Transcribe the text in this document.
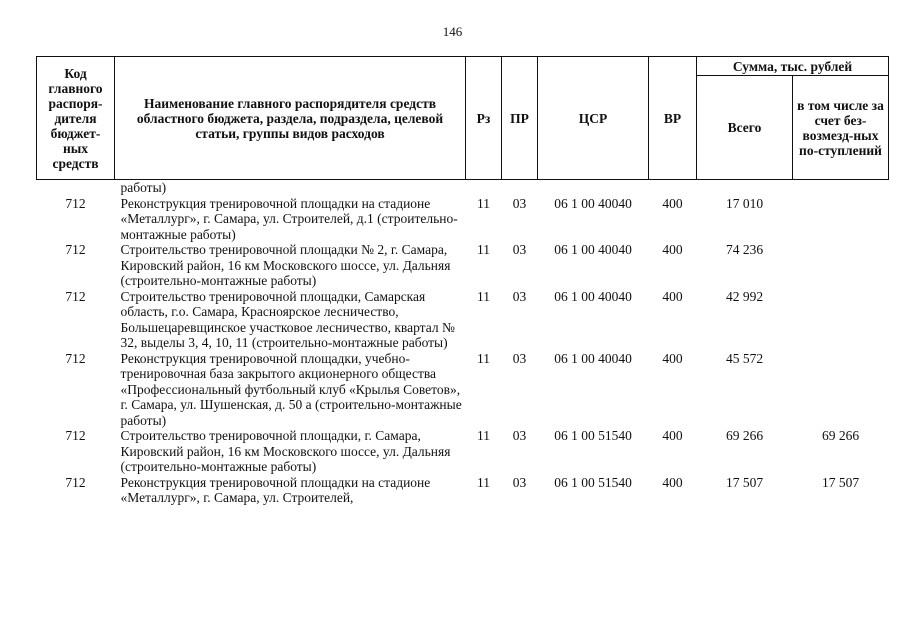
146
Код главного распоря-дителя бюджет-ных средств	Наименование главного распорядителя средств областного бюджета, раздела, подраздела, целевой статьи, группы видов расходов	Рз	ПР	ЦСР	ВР	Сумма, тыс. рублей	
						Всего	в том числе за счет без-возмезд-ных по-ступлений
	работы)						
712	Реконструкция тренировочной площадки на стадионе «Металлург», г. Самара, ул. Строителей, д.1 (строительно-монтажные работы)	11	03	06 1 00 40040	400	17 010	
712	Строительство тренировочной площадки № 2, г. Самара, Кировский район, 16 км Московского шоссе, ул. Дальняя (строительно-монтажные работы)	11	03	06 1 00 40040	400	74 236	
712	Строительство тренировочной площадки, Самарская область, г.о. Самара, Красноярское лесничество, Большецаревщинское участковое лесничество, квартал № 32, выделы 3, 4, 10, 11 (строительно-монтажные работы)	11	03	06 1 00 40040	400	42 992	
712	Реконструкция тренировочной площадки, учебно-тренировочная база закрытого акционерного общества «Профессиональный футбольный клуб «Крылья Советов», г. Самара, ул. Шушенская, д. 50 а (строительно-монтажные работы)	11	03	06 1 00 40040	400	45 572	
712	Строительство тренировочной площадки, г. Самара, Кировский район, 16 км Московского шоссе, ул. Дальняя (строительно-монтажные работы)	11	03	06 1 00 51540	400	69 266	69 266
712	Реконструкция тренировочной площадки на стадионе «Металлург», г. Самара, ул. Строителей,	11	03	06 1 00 51540	400	17 507	17 507
